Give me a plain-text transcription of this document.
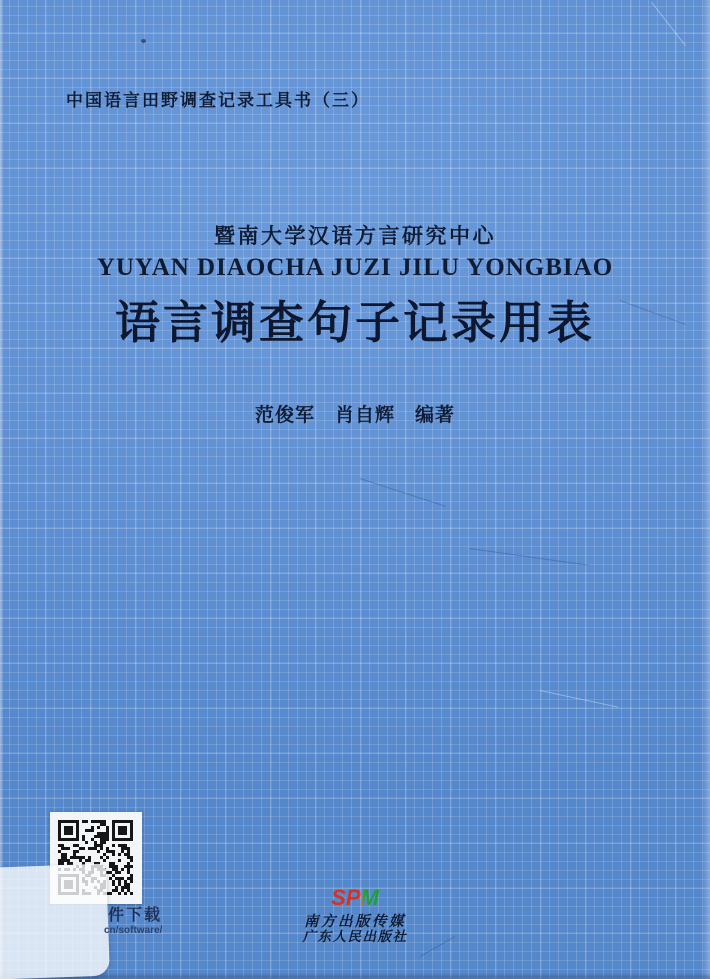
中国语言田野调查记录工具书（三）
暨南大学汉语方言研究中心
YUYAN DIAOCHA JUZI JILU YONGBIAO
语言调查句子记录用表
范俊军　肖自辉　编著
件下载
cn/software/
SPM
南方出版传媒
广东人民出版社
